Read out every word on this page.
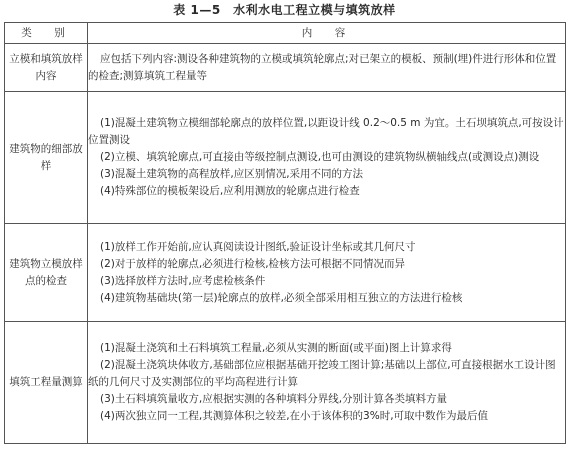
表 1—5　水利水电工程立模与填筑放样
类　别	内　容
立模和填筑放样内容	应包括下列内容:测设各种建筑物的立模或填筑轮廓点;对已架立的模板、预制(埋)件进行形体和位置的检查;测算填筑工程量等

建筑物的细部放样	(1)混凝土建筑物立模细部轮廓点的放样位置,以距设计线 0.2～0.5 m 为宜。土石坝填筑点,可按设计位置测设
(2)立模、填筑轮廓点,可直接由等级控制点测设,也可由测设的建筑物纵横轴线点(或测设点)测设
(3)混凝土建筑物的高程放样,应区别情况,采用不同的方法
(4)特殊部位的模板架设后,应利用测放的轮廓点进行检查

建筑物立模放样点的检查	(1)放样工作开始前,应认真阅读设计图纸,验证设计坐标或其几何尺寸
(2)对于放样的轮廓点,必须进行检核,检核方法可根据不同情况而异
(3)选择放样方法时,应考虑检核条件
(4)建筑物基础块(第一层)轮廓点的放样,必须全部采用相互独立的方法进行检核

填筑工程量测算	(1)混凝土浇筑和土石料填筑工程量,必须从实测的断面(或平面)图上计算求得
(2)混凝土浇筑块体收方,基础部位应根据基础开挖竣工图计算;基础以上部位,可直接根据水工设计图纸的几何尺寸及实测部位的平均高程进行计算
(3)土石料填筑量收方,应根据实测的各种填料分界线,分别计算各类填料方量
(4)两次独立同一工程,其测算体积之较差,在小于该体积的3%时,可取中数作为最后值
